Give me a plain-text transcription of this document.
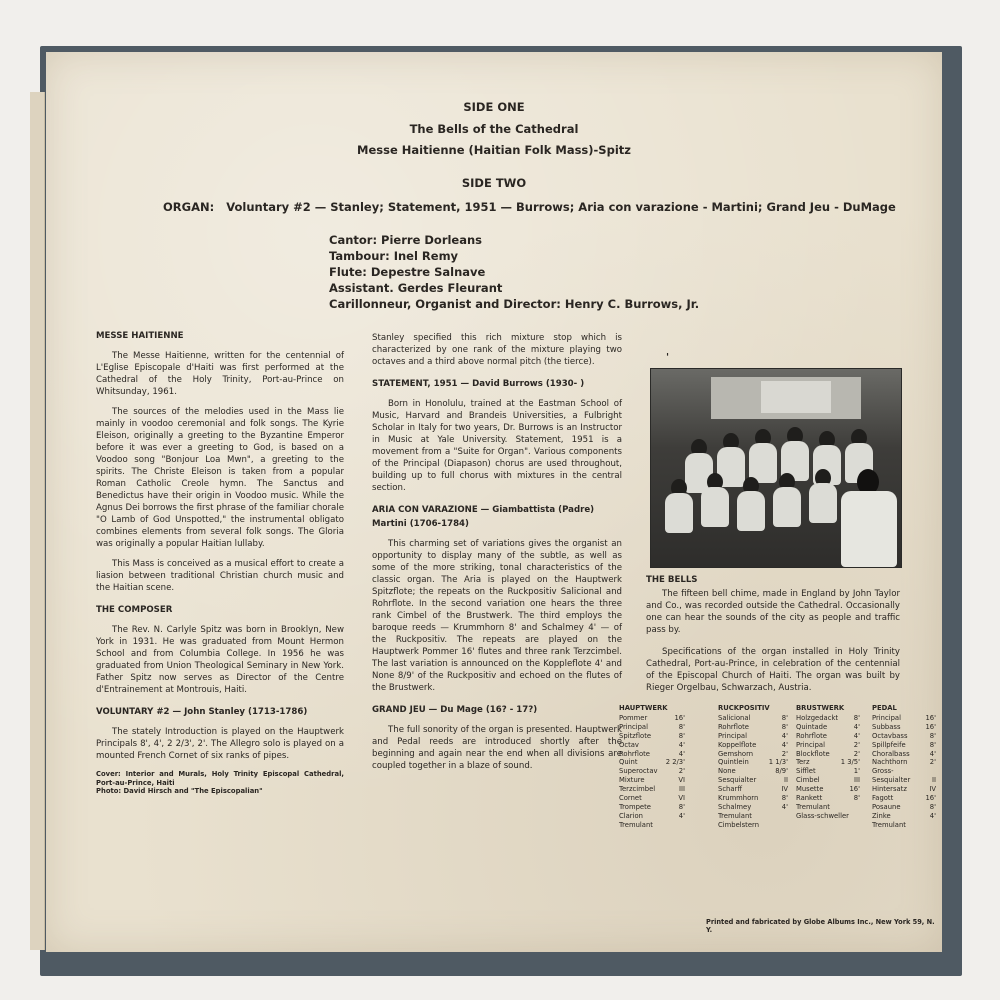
SIDE ONE
The Bells of the Cathedral
Messe Haitienne (Haitian Folk Mass)-Spitz
SIDE TWO
ORGAN:   Voluntary #2 — Stanley; Statement, 1951 — Burrows; Aria con varazione - Martini; Grand Jeu - DuMage
Cantor: Pierre Dorleans
Tambour: Inel Remy
Flute: Depestre Salnave
Assistant. Gerdes Fleurant
Carillonneur, Organist and Director: Henry C. Burrows, Jr.
MESSE HAITIENNE

The Messe Haitienne, written for the centennial of L'Eglise Episcopale d'Haiti was first performed at the Cathedral of the Holy Trinity, Port-au-Prince on Whitsunday, 1961.

The sources of the melodies used in the Mass lie mainly in voodoo ceremonial and folk songs. The Kyrie Eleison, originally a greeting to the Byzantine Emperor before it was ever a greeting to God, is based on a Voodoo song "Bonjour Loa Mwn", a greeting to the spirits. The Christe Eleison is taken from a popular Roman Catholic Creole hymn. The Sanctus and Benedictus have their origin in Voodoo music. While the Agnus Dei borrows the first phrase of the familiar chorale "O Lamb of God Unspotted," the instrumental obligato combines elements from several folk songs. The Gloria was originally a popular Haitian lullaby.

This Mass is conceived as a musical effort to create a liasion between traditional Christian church music and the Haitian scene.

THE COMPOSER

The Rev. N. Carlyle Spitz was born in Brooklyn, New York in 1931. He was graduated from Mount Hermon School and from Columbia College. In 1956 he was graduated from Union Theological Seminary in New York. Father Spitz now serves as Director of the Centre d'Entrainement at Montrouis, Haiti.

VOLUNTARY #2 — John Stanley (1713-1786)

The stately Introduction is played on the Hauptwerk Principals 8', 4', 2 2/3', 2'. The Allegro solo is played on a mounted French Cornet of six ranks of pipes.

Cover: Interior and Murals, Holy Trinity Episcopal Cathedral, Port-au-Prince, Haiti

Photo: David Hirsch and "The Episcopalian"

Stanley specified this rich mixture stop which is characterized by one rank of the mixture playing two octaves and a third above normal pitch (the tierce).

STATEMENT, 1951 — David Burrows (1930- )

Born in Honolulu, trained at the Eastman School of Music, Harvard and Brandeis Universities, a Fulbright Scholar in Italy for two years, Dr. Burrows is an Instructor in Music at Yale University. Statement, 1951 is a movement from a "Suite for Organ". Various components of the Principal (Diapason) chorus are used throughout, building up to full chorus with mixtures in the central section.

ARIA CON VARAZIONE — Giambattista (Padre)
Martini (1706-1784)

This charming set of variations gives the organist an opportunity to display many of the subtle, as well as some of the more striking, tonal characteristics of the classic organ. The Aria is played on the Hauptwerk Spitzflote; the repeats on the Ruckpositiv Salicional and Rohrflote. In the second variation one hears the three rank Cimbel of the Brustwerk. The third employs the baroque reeds — Krummhorn 8' and Schalmey 4' — of the Ruckpositiv. The repeats are played on the Hauptwerk Pommer 16' flutes and three rank Terzcimbel. The last variation is announced on the Koppleflote 4' and None 8/9' of the Ruckpositiv and echoed on the flutes of the Brustwerk.

GRAND JEU — Du Mage (16? - 17?)

The full sonority of the organ is presented. Hauptwerk and Pedal reeds are introduced shortly after the beginning and again near the end when all divisions are coupled together in a blaze of sound.

'
THE BELLS

The fifteen bell chime, made in England by John Taylor and Co., was recorded outside the Cathedral. Occasionally one can hear the sounds of the city as people and traffic pass by.

Specifications of the organ installed in Holy Trinity Cathedral, Port-au-Prince, in celebration of the centennial of the Episcopal Church of Haiti. The organ was built by Rieger Orgelbau, Schwarzach, Austria.

HAUPTWERK
Pommer	16'
Principal	8'
Spitzflote	8'
Octav	4'
Rohrflote	4'
Quint	2 2/3'
Superoctav	2'
Mixture	VI
Terzcimbel	III
Cornet	VI
Trompete	8'
Clarion	4'
Tremulant
RUCKPOSITIV
Salicional	8'
Rohrflote	8'
Principal	4'
Koppelflote	4'
Gemshorn	2'
Quintlein	1 1/3'
None	8/9'
Sesquialter	II
Scharff	IV
Krummhorn	8'
Schalmey	4'
Tremulant
Cimbelstern
BRUSTWERK
Holzgedackt 8'
Quintade	4'
Rohrflote	4'
Principal	2'
Blockflote	2'
Terz	1 3/5'
Sifflet	1'
Cimbel	III
Musette	16'
Rankett	8'
Tremulant
Glass-schweller
PEDAL
Principal	16'
Subbass	16'
Octavbass	8'
Spillpfeife	8'
Choralbass	4'
Nachthorn	2'
Gross-
Sesquialter	II
Hintersatz	IV
Fagott	16'
Posaune	8'
Zinke	4'
Tremulant
Printed and fabricated by Globe Albums Inc., New York 59, N. Y.
